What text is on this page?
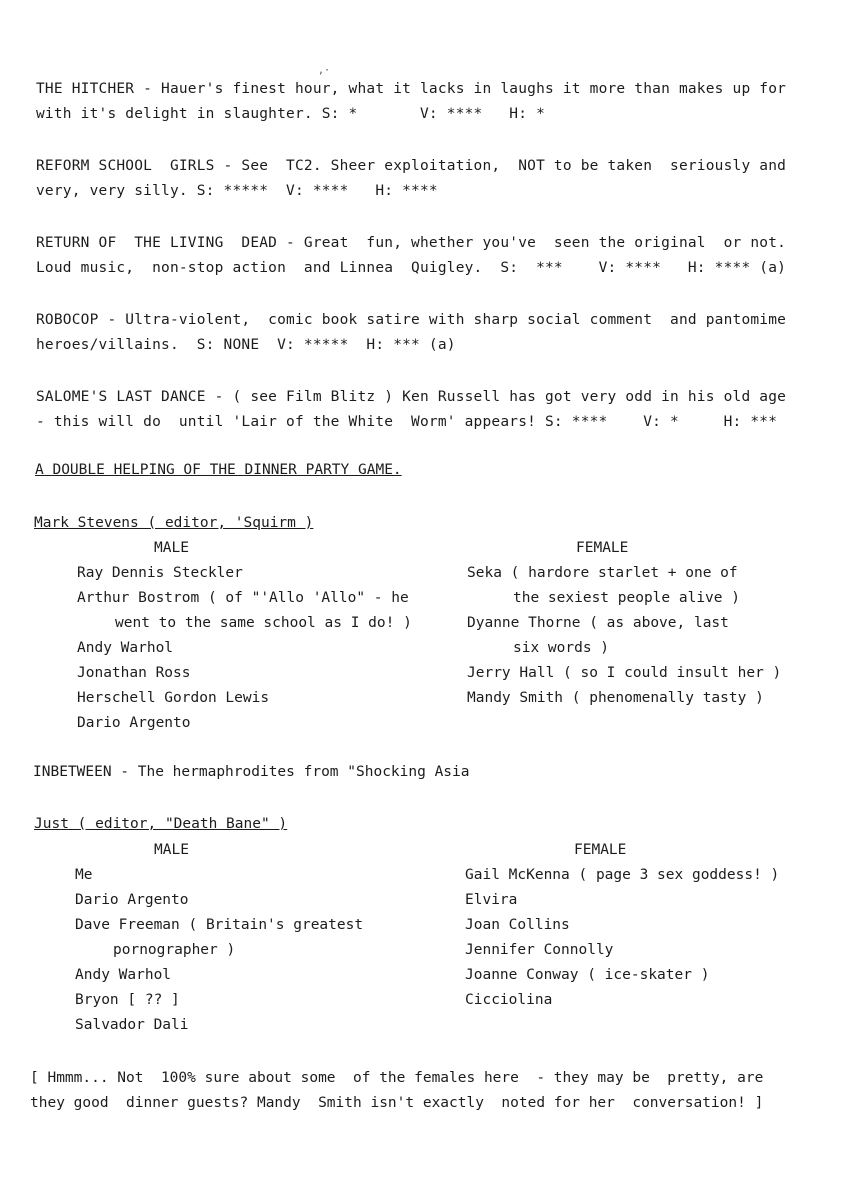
,·
THE HITCHER - Hauer's finest hour, what it lacks in laughs it more than makes up for
with it's delight in slaughter. S: *       V: ****   H: *
REFORM SCHOOL  GIRLS - See  TC2. Sheer exploitation,  NOT to be taken  seriously and
very, very silly. S: *****  V: ****   H: ****
RETURN OF  THE LIVING  DEAD - Great  fun, whether you've  seen the original  or not.
Loud music,  non-stop action  and Linnea  Quigley.  S:  ***    V: ****   H: **** (a)
ROBOCOP - Ultra-violent,  comic book satire with sharp social comment  and pantomime
heroes/villains.  S: NONE  V: *****  H: *** (a)
SALOME'S LAST DANCE - ( see Film Blitz ) Ken Russell has got very odd in his old age
- this will do  until 'Lair of the White  Worm' appears! S: ****    V: *     H: ***
A DOUBLE HELPING OF THE DINNER PARTY GAME.
Mark Stevens ( editor, 'Squirm )
MALE	FEMALE
Ray Dennis Steckler
Arthur Bostrom ( of "'Allo 'Allo" - he
went to the same school as I do! )
Andy Warhol
Jonathan Ross
Herschell Gordon Lewis
Dario Argento
Seka ( hardore starlet + one of
the sexiest people alive )
Dyanne Thorne ( as above, last
six words )
Jerry Hall ( so I could insult her )
Mandy Smith ( phenomenally tasty )
INBETWEEN - The hermaphrodites from "Shocking Asia
Just ( editor, "Death Bane" )
MALE	FEMALE
Me
Dario Argento
Dave Freeman ( Britain's greatest
pornographer )
Andy Warhol
Bryon [ ?? ]
Salvador Dali
Gail McKenna ( page 3 sex goddess! )
Elvira
Joan Collins
Jennifer Connolly
Joanne Conway ( ice-skater )
Cicciolina
[ Hmmm... Not  100% sure about some  of the females here  - they may be  pretty, are
they good  dinner guests? Mandy  Smith isn't exactly  noted for her  conversation! ]
